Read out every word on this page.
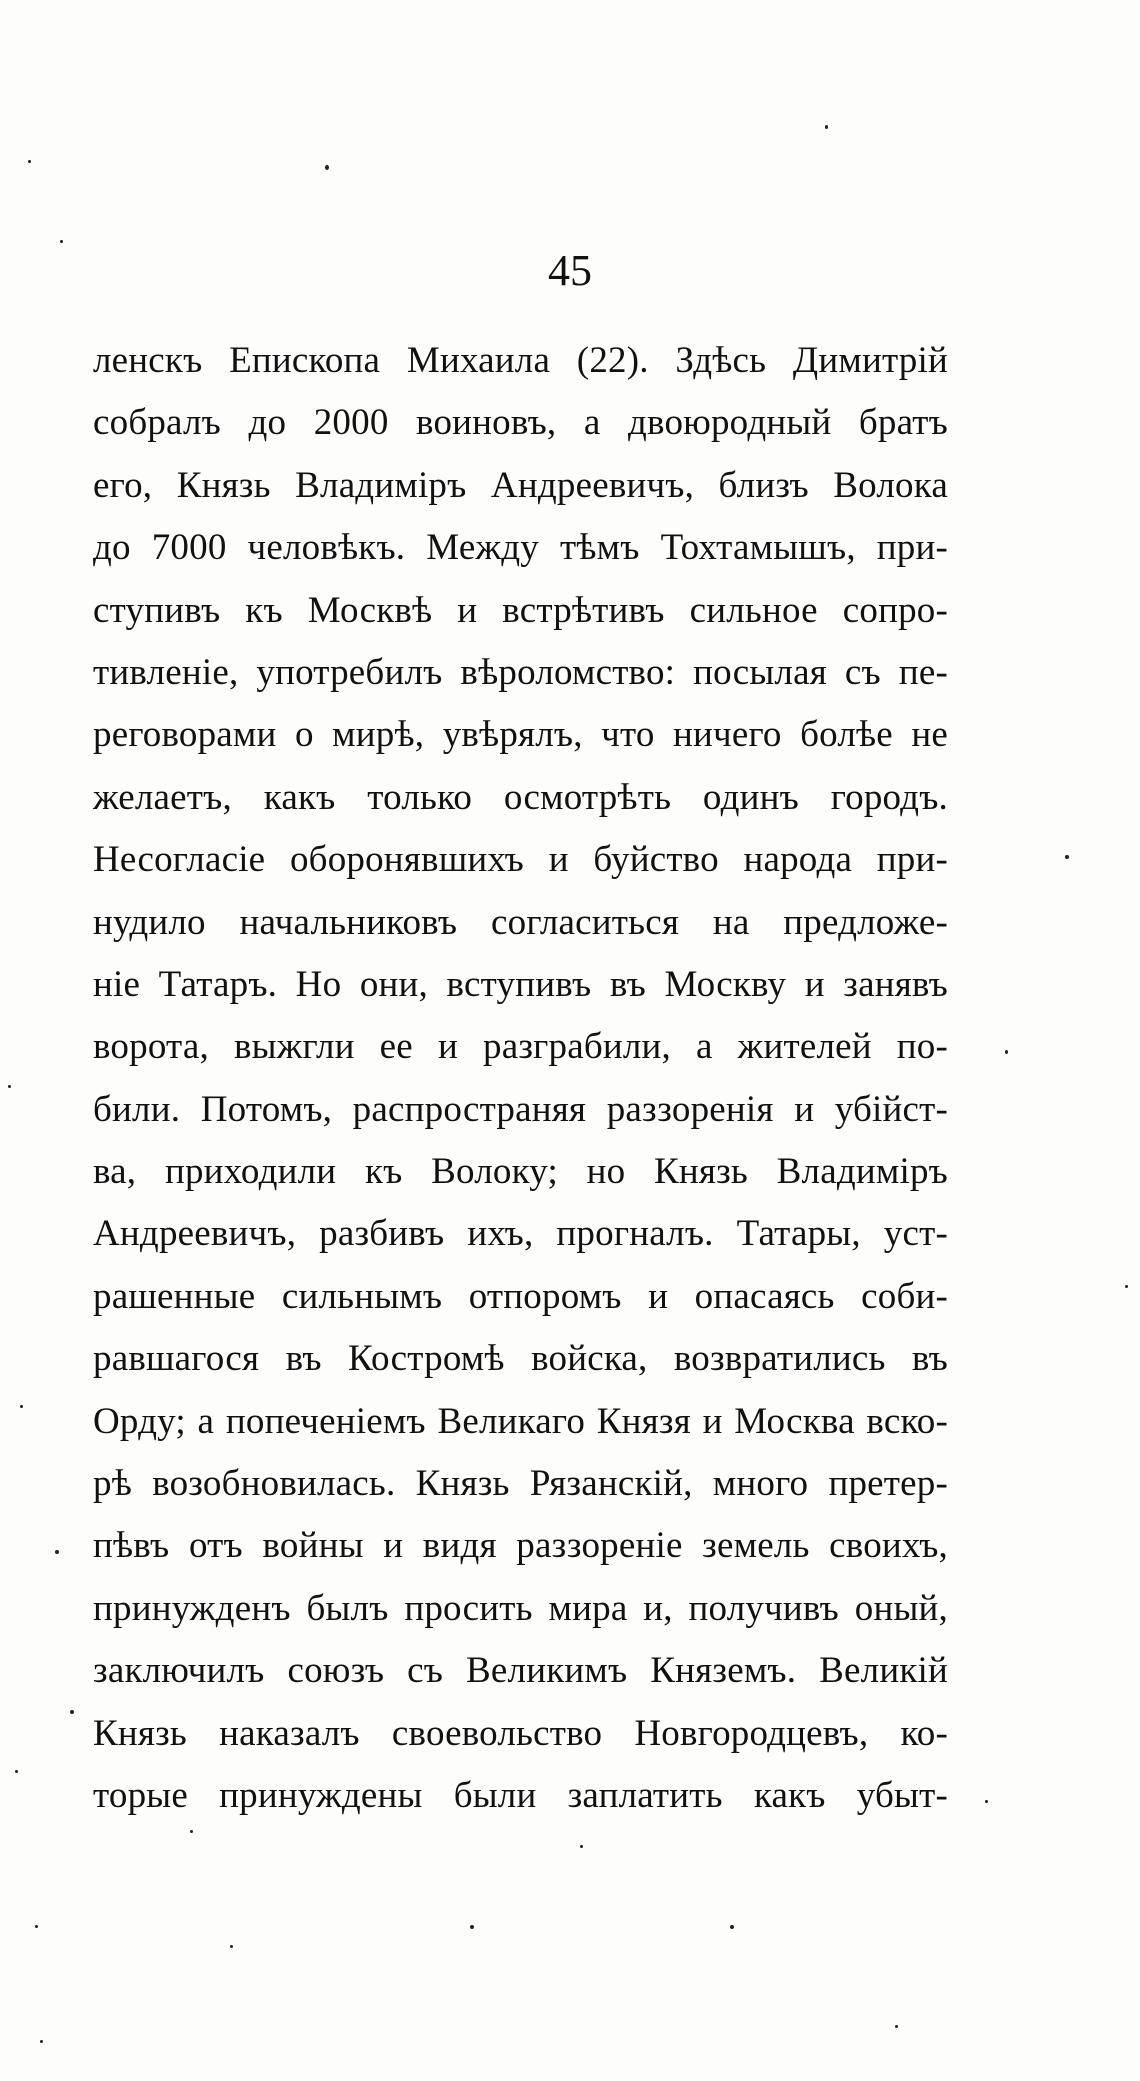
45
ленскъ Епископа Михаила (22). Здѣсь Димитрій
собралъ до 2000 воиновъ, а двоюродный братъ
его, Князь Владиміръ Андреевичъ, близъ Волока
до 7000 человѣкъ. Между тѣмъ Тохтамышъ, при-
ступивъ къ Москвѣ и встрѣтивъ сильное сопро-
тивленіе, употребилъ вѣроломство: посылая съ пе-
реговорами о мирѣ, увѣрялъ, что ничего болѣе не
желаетъ, какъ только осмотрѣть одинъ городъ.
Несогласіе оборонявшихъ и буйство народа при-
нудило начальниковъ согласиться на предложе-
ніе Татаръ. Но они, вступивъ въ Москву и занявъ
ворота, выжгли ее и разграбили, а жителей по-
били. Потомъ, распространяя раззоренія и убійст-
ва, приходили къ Волоку; но Князь Владиміръ
Андреевичъ, разбивъ ихъ, прогналъ. Татары, уст-
рашенные сильнымъ отпоромъ и опасаясь соби-
равшагося въ Костромѣ войска, возвратились въ
Орду; а попеченіемъ Великаго Князя и Москва вско-
рѣ возобновилась. Князь Рязанскій, много претер-
пѣвъ отъ войны и видя раззореніе земель своихъ,
принужденъ былъ просить мира и, получивъ оный,
заключилъ союзъ съ Великимъ Княземъ. Великій
Князь наказалъ своевольство Новгородцевъ, ко-
торые принуждены были заплатить какъ убыт-
